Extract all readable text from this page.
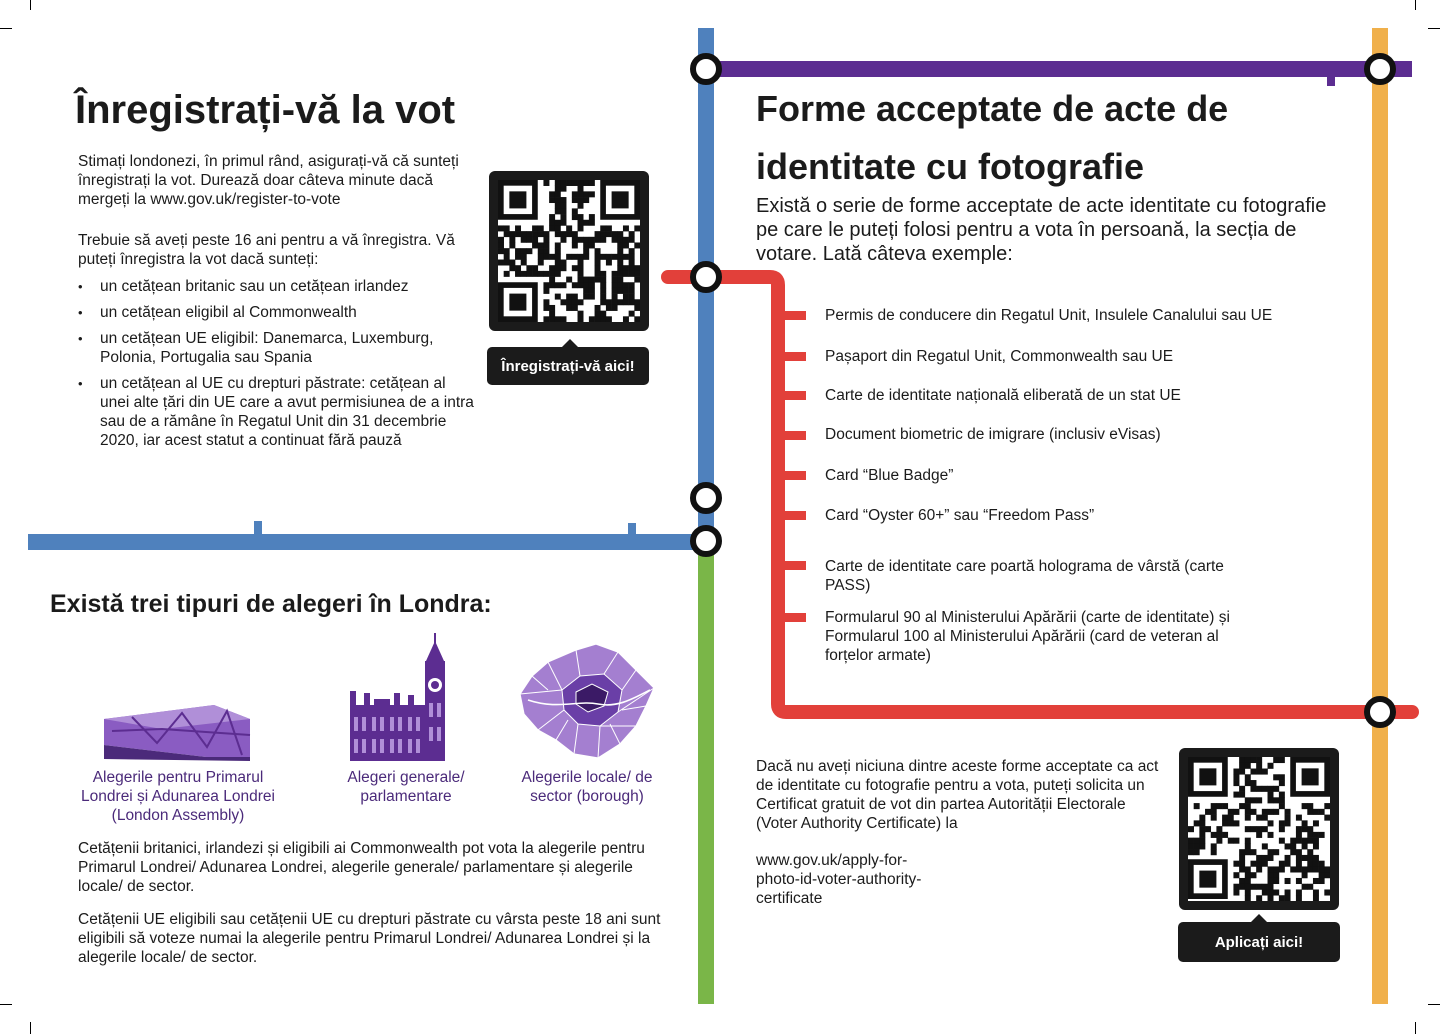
Înregistrați-vă la vot
Stimați londonezi, în primul rând, asigurați-vă că sunteți înregistrați la vot. Durează doar câteva minute dacă mergeți la www.gov.uk/register-to-vote
Trebuie să aveți peste 16 ani pentru a vă înregistra. Vă puteți înregistra la vot dacă sunteți:
• un cetățean britanic sau un cetățean irlandez
• un cetățean eligibil al Commonwealth
• un cetățean UE eligibil: Danemarca, Luxemburg, Polonia, Portugalia sau Spania
• un cetățean al UE cu drepturi păstrate: cetățean al unei alte țări din UE care a avut permisiunea de a intra sau de a rămâne în Regatul Unit din 31 decembrie 2020, iar acest statut a continuat fără pauză
Înregistrați-vă aici!
Există trei tipuri de alegeri în Londra:
Alegerile pentru Primarul Londrei și Adunarea Londrei (London Assembly)
Alegeri generale/ parlamentare
Alegerile locale/ de sector (borough)
Cetățenii britanici, irlandezi și eligibili ai Commonwealth pot vota la alegerile pentru Primarul Londrei/ Adunarea Londrei, alegerile generale/ parlamentare și alegerile locale/ de sector.
Cetățenii UE eligibili sau cetățenii UE cu drepturi păstrate cu vârsta peste 18 ani sunt eligibili să voteze numai la alegerile pentru Primarul Londrei/ Adunarea Londrei și la alegerile locale/ de sector.
Forme acceptate de acte de
identitate cu fotografie
Există o serie de forme acceptate de acte identitate cu fotografie pe care le puteți folosi pentru a vota în persoană, la secția de votare. Lată câteva exemple:
Permis de conducere din Regatul Unit, Insulele Canalului sau UE
Pașaport din Regatul Unit, Commonwealth sau UE
Carte de identitate națională eliberată de un stat UE
Document biometric de imigrare (inclusiv eVisas)
Card “Blue Badge”
Card “Oyster 60+” sau “Freedom Pass”
Carte de identitate care poartă holograma de vârstă (carte PASS)
Formularul 90 al Ministerului Apărării (carte de identitate) și Formularul 100 al Ministerului Apărării (card de veteran al forțelor armate)
Dacă nu aveți niciuna dintre aceste forme acceptate ca act de identitate cu fotografie pentru a vota, puteți solicita un Certificat gratuit de vot din partea Autorității Electorale (Voter Authority Certificate) la
www.gov.uk/apply-for-photo-id-voter-authority-certificate
Aplicați aici!
